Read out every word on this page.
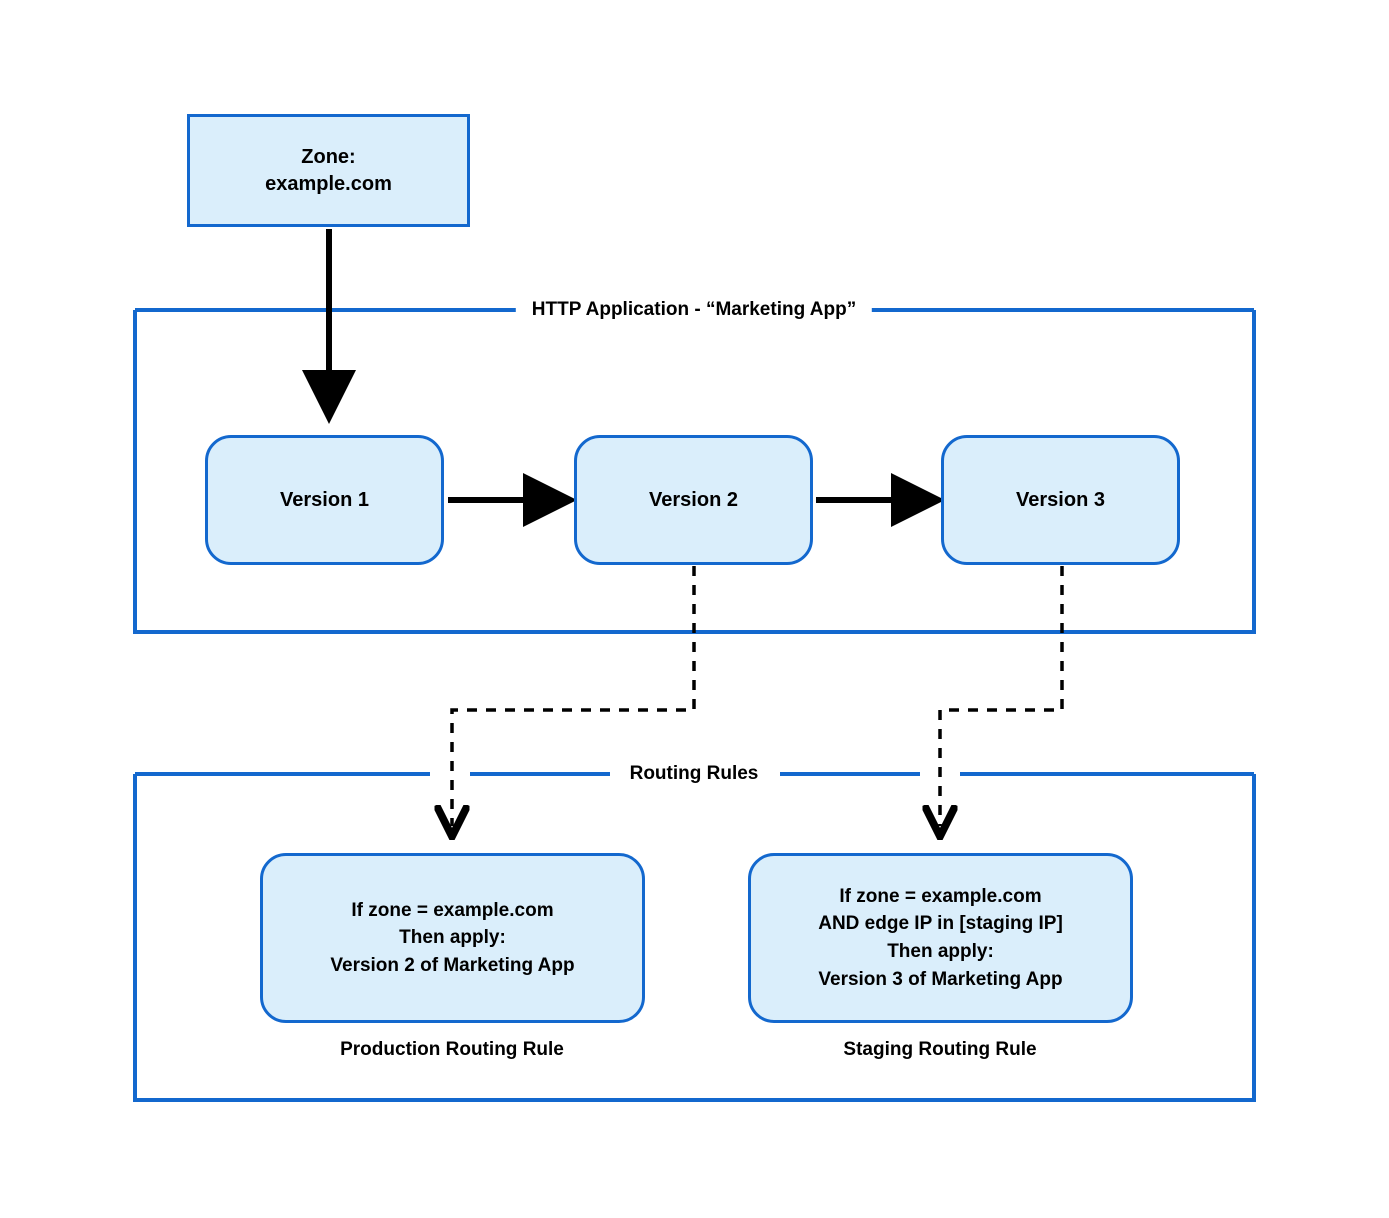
Zone:
example.com
HTTP Application - “Marketing App”
Routing Rules
Version 1	Version 2	Version 3
If zone = example.com
Then apply:
Version 2 of Marketing App
If zone = example.com
AND edge IP in [staging IP]
Then apply:
Version 3 of Marketing App
Production Routing Rule	Staging Routing Rule
